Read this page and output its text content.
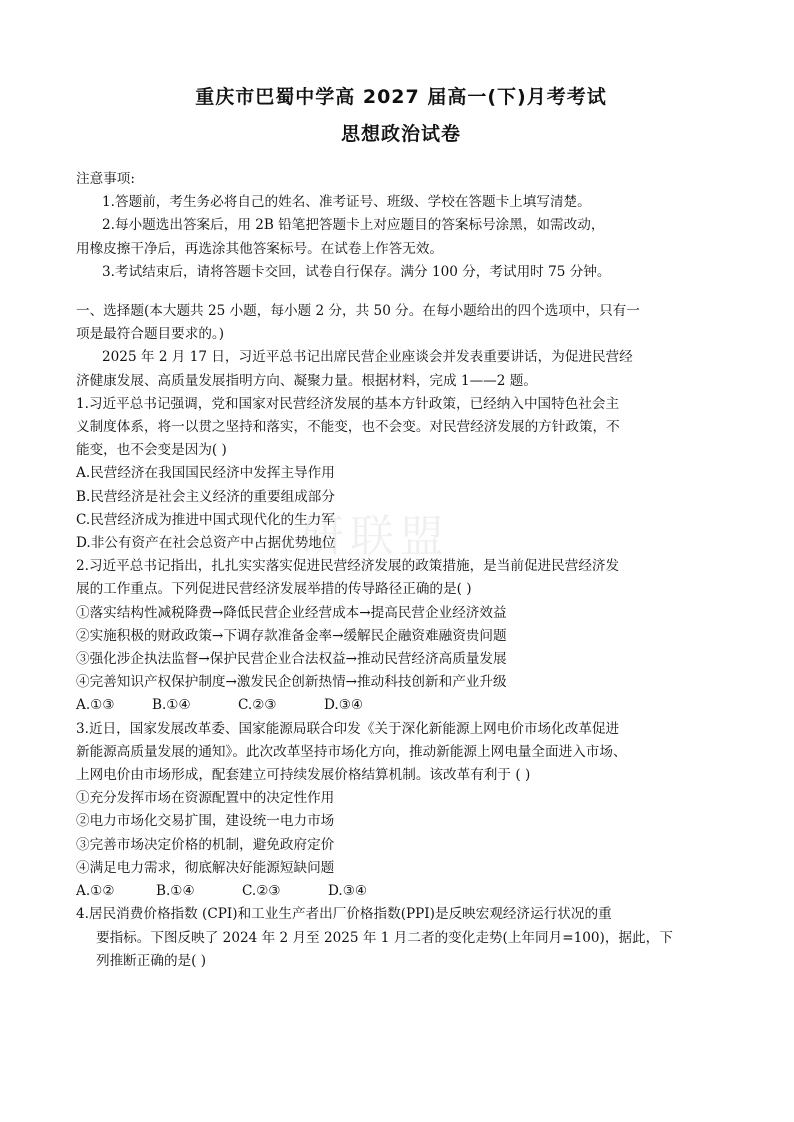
重庆市巴蜀中学高 2027 届高一(下)月考考试
思想政治试卷
注意事项:
1.答题前，考生务必将自己的姓名、准考证号、班级、学校在答题卡上填写清楚。
2.每小题选出答案后，用 2B 铅笔把答题卡上对应题目的答案标号涂黑，如需改动，
用橡皮擦干净后，再选涂其他答案标号。在试卷上作答无效。
3.考试结束后，请将答题卡交回，试卷自行保存。满分 100 分，考试用时 75 分钟。
一、选择题(本大题共 25 小题，每小题 2 分，共 50 分。在每小题给出的四个选项中，只有一
项是最符合题目要求的。)
2025 年 2 月 17 日，习近平总书记出席民营企业座谈会并发表重要讲话，为促进民营经
济健康发展、高质量发展指明方向、凝聚力量。根据材料，完成 1——2 题。
1.习近平总书记强调，党和国家对民营经济发展的基本方针政策，已经纳入中国特色社会主
义制度体系，将一以贯之坚持和落实，不能变，也不会变。对民营经济发展的方针政策，不
能变，也不会变是因为( )
A.民营经济在我国国民经济中发挥主导作用
B.民营经济是社会主义经济的重要组成部分
C.民营经济成为推进中国式现代化的生力军
D.非公有资产在社会总资产中占据优势地位
2.习近平总书记指出，扎扎实实落实促进民营经济发展的政策措施，是当前促进民营经济发
展的工作重点。下列促进民营经济发展举措的传导路径正确的是( )
①落实结构性减税降费→降低民营企业经营成本→提高民营企业经济效益
②实施积极的财政政策→下调存款准备金率→缓解民企融资难融资贵问题
③强化涉企执法监督→保护民营企业合法权益→推动民营经济高质量发展
④完善知识产权保护制度→激发民企创新热情→推动科技创新和产业升级
A.①③	B.①④	C.②③	D.③④
3.近日，国家发展改革委、国家能源局联合印发《关于深化新能源上网电价市场化改革促进
新能源高质量发展的通知》。此次改革坚持市场化方向，推动新能源上网电量全面进入市场、
上网电价由市场形成，配套建立可持续发展价格结算机制。该改革有利于 ( )
①充分发挥市场在资源配置中的决定性作用
②电力市场化交易扩围，建设统一电力市场
③完善市场决定价格的机制，避免政府定价
④满足电力需求，彻底解决好能源短缺问题
A.①②	B.①④	C.②③	D.③④
4.居民消费价格指数 (CPI)和工业生产者出厂价格指数(PPI)是反映宏观经济运行状况的重
要指标。下图反映了 2024 年 2 月至 2025 年 1 月二者的变化走势(上年同月=100)，据此，下
列推断正确的是( )
研联盟
